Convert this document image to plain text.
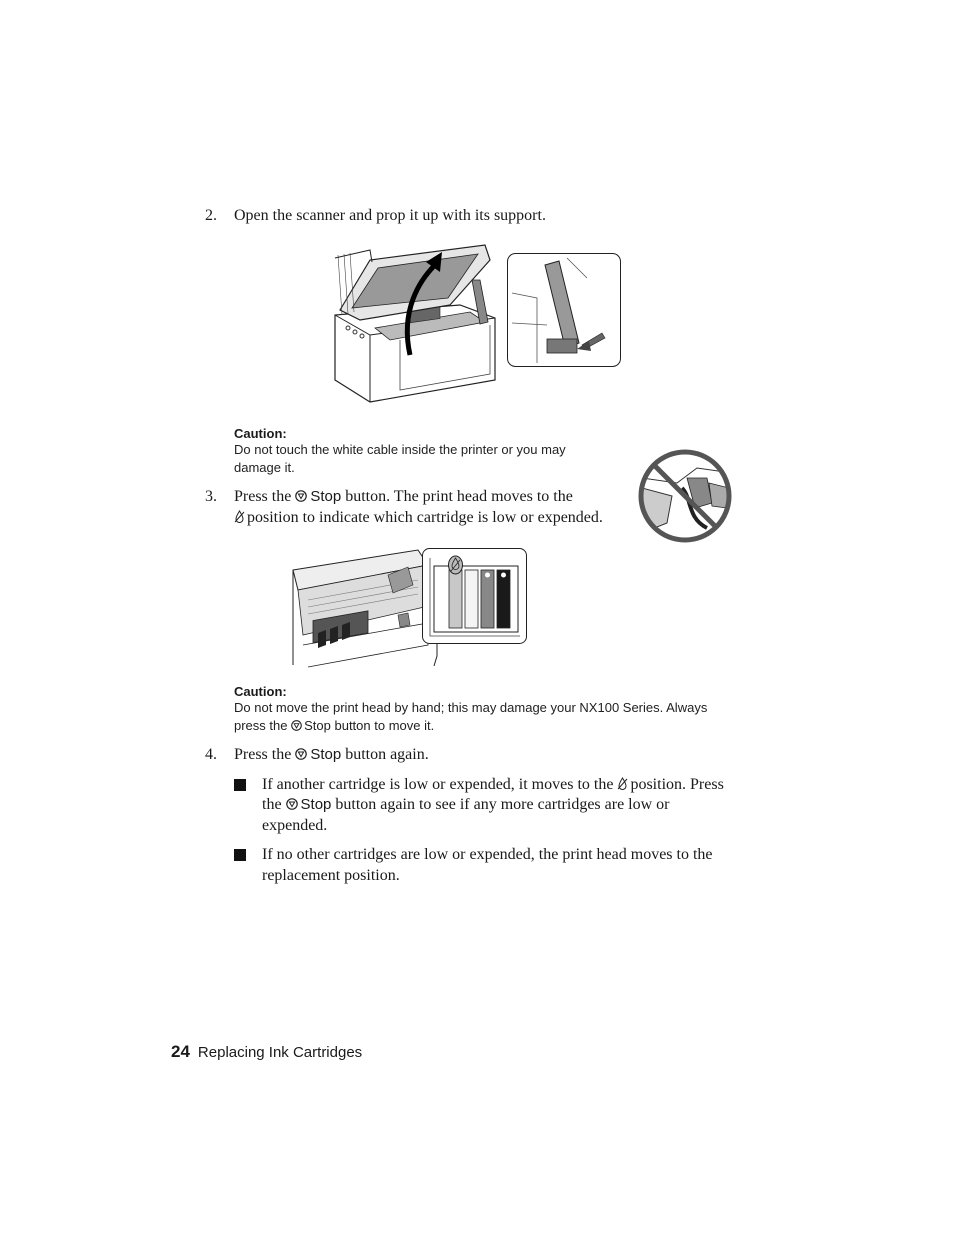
2.	Open the scanner and prop it up with its support.
Caution:
Do not touch the white cable inside the printer or you may
damage it.
3.	Press the Stop button. The print head moves to the
position to indicate which cartridge is low or expended.
Caution:
Do not move the print head by hand; this may damage your NX100 Series. Always
press the Stop button to move it.
4.	Press the Stop button again.
If another cartridge is low or expended, it moves to the position. Press
the Stop button again to see if any more cartridges are low or
expended.
If no other cartridges are low or expended, the print head moves to the
replacement position.
24 Replacing Ink Cartridges
